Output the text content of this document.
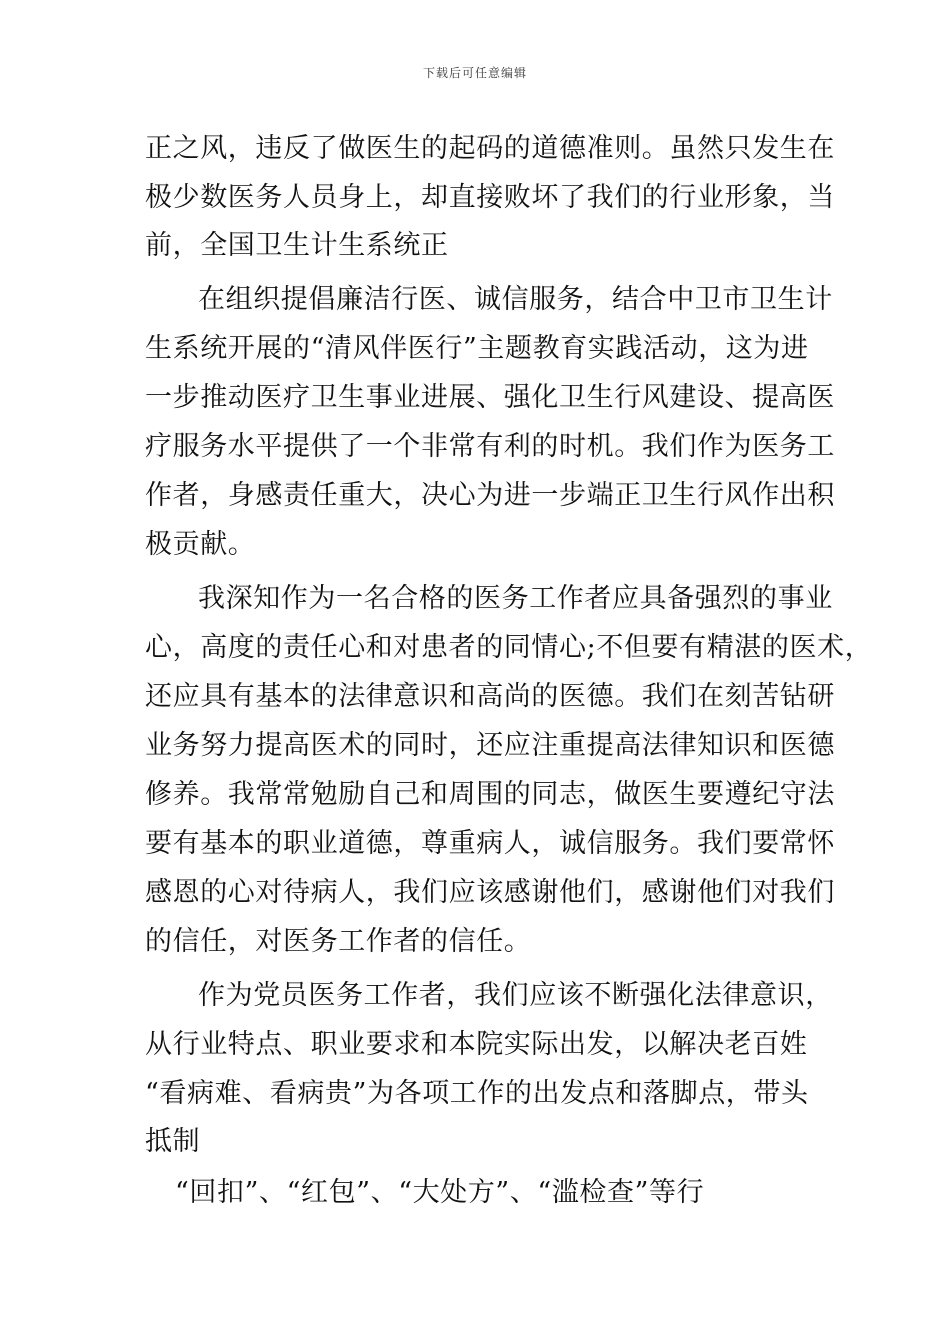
下载后可任意编辑
正之风，违反了做医生的起码的道德准则。虽然只发生在
极少数医务人员身上，却直接败坏了我们的行业形象，当
前，全国卫生计生系统正
在组织提倡廉洁行医、诚信服务，结合中卫市卫生计
生系统开展的“清风伴医行”主题教育实践活动，这为进
一步推动医疗卫生事业进展、强化卫生行风建设、提高医
疗服务水平提供了一个非常有利的时机。我们作为医务工
作者，身感责任重大，决心为进一步端正卫生行风作出积
极贡献。
我深知作为一名合格的医务工作者应具备强烈的事业
心，高度的责任心和对患者的同情心;不但要有精湛的医术，
还应具有基本的法律意识和高尚的医德。我们在刻苦钻研
业务努力提高医术的同时，还应注重提高法律知识和医德
修养。我常常勉励自己和周围的同志，做医生要遵纪守法
要有基本的职业道德，尊重病人，诚信服务。我们要常怀
感恩的心对待病人，我们应该感谢他们，感谢他们对我们
的信任，对医务工作者的信任。
作为党员医务工作者，我们应该不断强化法律意识，
从行业特点、职业要求和本院实际出发，以解决老百姓
“看病难、看病贵”为各项工作的出发点和落脚点，带头
抵制
“回扣”、“红包”、“大处方”、“滥检查”等行
